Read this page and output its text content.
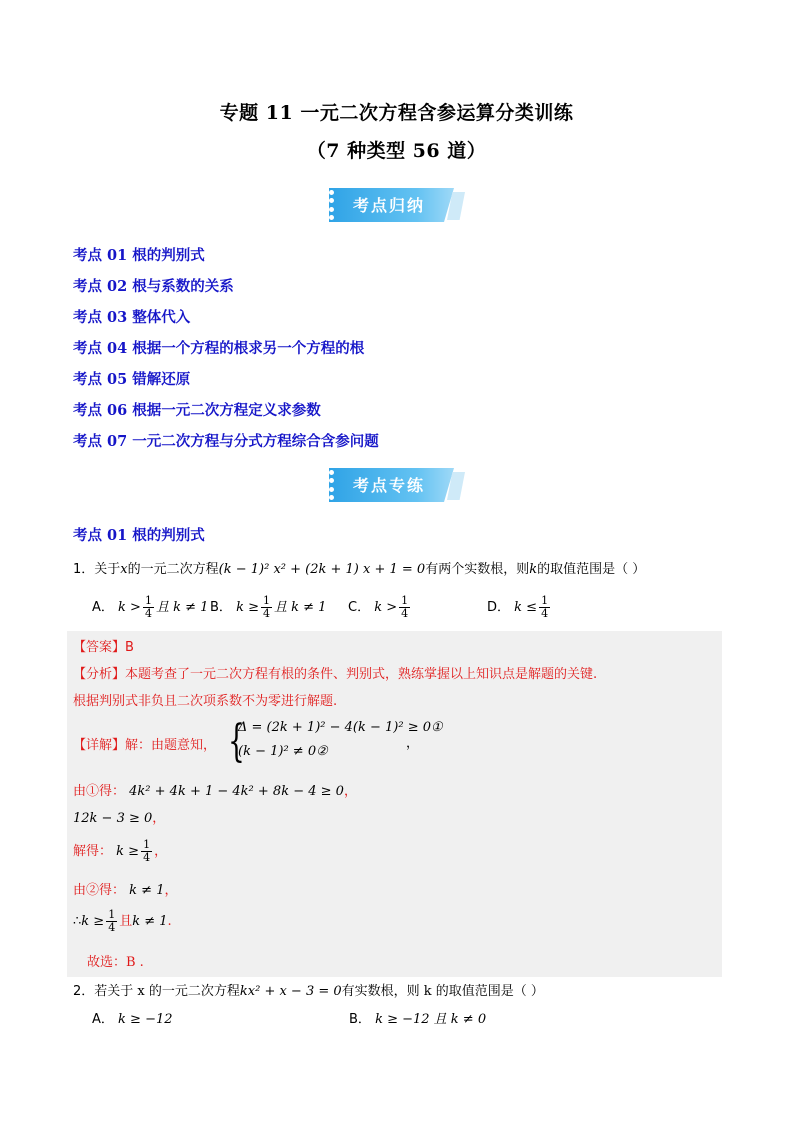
专题 11 一元二次方程含参运算分类训练
（7 种类型 56 道）
考点归纳
考点 01 根的判别式
考点 02 根与系数的关系
考点 03 整体代入
考点 04 根据一个方程的根求另一个方程的根
考点 05 错解还原
考点 06 根据一元二次方程定义求参数
考点 07 一元二次方程与分式方程综合含参问题
考点专练
考点 01 根的判别式
1．关于x的一元二次方程(k − 1)² x² + (2k + 1) x + 1 = 0有两个实数根，则k的取值范围是（ ）
A． $k > \frac{1}{4}$ 且 k ≠ 1 B． $k \ge \frac{1}{4}$ 且 k ≠ 1 C． $k > \frac{1}{4}$	D． $k \le \frac{1}{4}$
【答案】B
【分析】本题考查了一元二次方程有根的条件、判别式，熟练掌握以上知识点是解题的关键.
根据判别式非负且二次项系数不为零进行解题.
【详解】解：由题意知， {
Δ = (2k + 1)² − 4(k − 1)² ≥ 0①
(k − 1)² ≠ 0②
，
由①得： 4k² + 4k + 1 − 4k² + 8k − 4 ≥ 0，
12k − 3 ≥ 0，
解得： $k \ge \frac{1}{4}$ ，
由②得： k ≠ 1，
∴k ≥ $\frac{1}{4}$ 且k ≠ 1.
故选：B .
2．若关于 x 的一元二次方程kx² + x − 3 = 0有实数根，则 k 的取值范围是（ ）
A． k ≥ −12	B． k ≥ −12 且 k ≠ 0
